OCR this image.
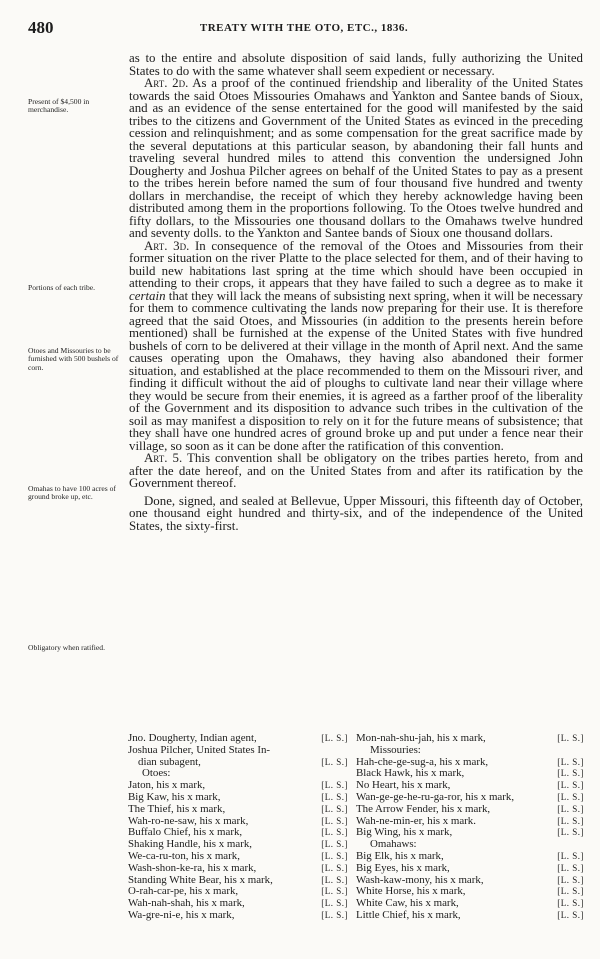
480	TREATY WITH THE OTO, ETC., 1836.
Present of $4,500 in merchandise.
Portions of each tribe.
Otoes and Missouries to be furnished with 500 bushels of corn.
Omahas to have 100 acres of ground broke up, etc.
Obligatory when ratified.

as to the entire and absolute disposition of said lands, fully authorizing the United States to do with the same whatever shall seem expedient or necessary.

Art. 2d. As a proof of the continued friendship and liberality of the United States towards the said Otoes Missouries Omahaws and Yankton and Santee bands of Sioux, and as an evidence of the sense entertained for the good will manifested by the said tribes to the citizens and Government of the United States as evinced in the preceding cession and relinquishment; and as some compensation for the great sacrifice made by the several deputations at this particular season, by abandoning their fall hunts and traveling several hundred miles to attend this convention the undersigned John Dougherty and Joshua Pilcher agrees on behalf of the United States to pay as a present to the tribes herein before named the sum of four thousand five hundred and twenty dollars in merchandise, the receipt of which they hereby acknowledge having been distributed among them in the proportions following. To the Otoes twelve hundred and fifty dollars, to the Missouries one thousand dollars to the Omahaws twelve hundred and seventy dolls. to the Yankton and Santee bands of Sioux one thousand dollars.

Art. 3d. In consequence of the removal of the Otoes and Missouries from their former situation on the river Platte to the place selected for them, and of their having to build new habitations last spring at the time which should have been occupied in attending to their crops, it appears that they have failed to such a degree as to make it certain that they will lack the means of subsisting next spring, when it will be necessary for them to commence cultivating the lands now preparing for their use. It is therefore agreed that the said Otoes, and Missouries (in addition to the presents herein before mentioned) shall be furnished at the expense of the United States with five hundred bushels of corn to be delivered at their village in the month of April next. And the same causes operating upon the Omahaws, they having also abandoned their former situation, and established at the place recommended to them on the Missouri river, and finding it difficult without the aid of ploughs to cultivate land near their village where they would be secure from their enemies, it is agreed as a farther proof of the liberality of the Government and its disposition to advance such tribes in the cultivation of the soil as may manifest a disposition to rely on it for the future means of subsistence; that they shall have one hundred acres of ground broke up and put under a fence near their village, so soon as it can be done after the ratification of this convention.

Art. 5. This convention shall be obligatory on the tribes parties hereto, from and after the date hereof, and on the United States from and after its ratification by the Government thereof.

Done, signed, and sealed at Bellevue, Upper Missouri, this fifteenth day of October, one thousand eight hundred and thirty-six, and of the independence of the United States, the sixty-first.

Jno. Dougherty, Indian agent,	[L. S.]
Joshua Pilcher, United States In-
dian subagent,	[L. S.]
Otoes:
Jaton, his x mark,	[L. S.]
Big Kaw, his x mark,	[L. S.]
The Thief, his x mark,	[L. S.]
Wah-ro-ne-saw, his x mark,	[L. S.]
Buffalo Chief, his x mark,	[L. S.]
Shaking Handle, his x mark,	[L. S.]
We-ca-ru-ton, his x mark,	[L. S.]
Wash-shon-ke-ra, his x mark,	[L. S.]
Standing White Bear, his x mark,	[L. S.]
O-rah-car-pe, his x mark,	[L. S.]
Wah-nah-shah, his x mark,	[L. S.]
Wa-gre-ni-e, his x mark,	[L. S.]
Mon-nah-shu-jah, his x mark,	[L. S.]
Missouries:
Hah-che-ge-sug-a, his x mark,	[L. S.]
Black Hawk, his x mark,	[L. S.]
No Heart, his x mark,	[L. S.]
Wan-ge-ge-he-ru-ga-ror, his x mark,	[L. S.]
The Arrow Fender, his x mark,	[L. S.]
Wah-ne-min-er, his x mark.	[L. S.]
Big Wing, his x mark,	[L. S.]
Omahaws:
Big Elk, his x mark,	[L. S.]
Big Eyes, his x mark,	[L. S.]
Wash-kaw-mony, his x mark,	[L. S.]
White Horse, his x mark,	[L. S.]
White Caw, his x mark,	[L. S.]
Little Chief, his x mark,	[L. S.]
